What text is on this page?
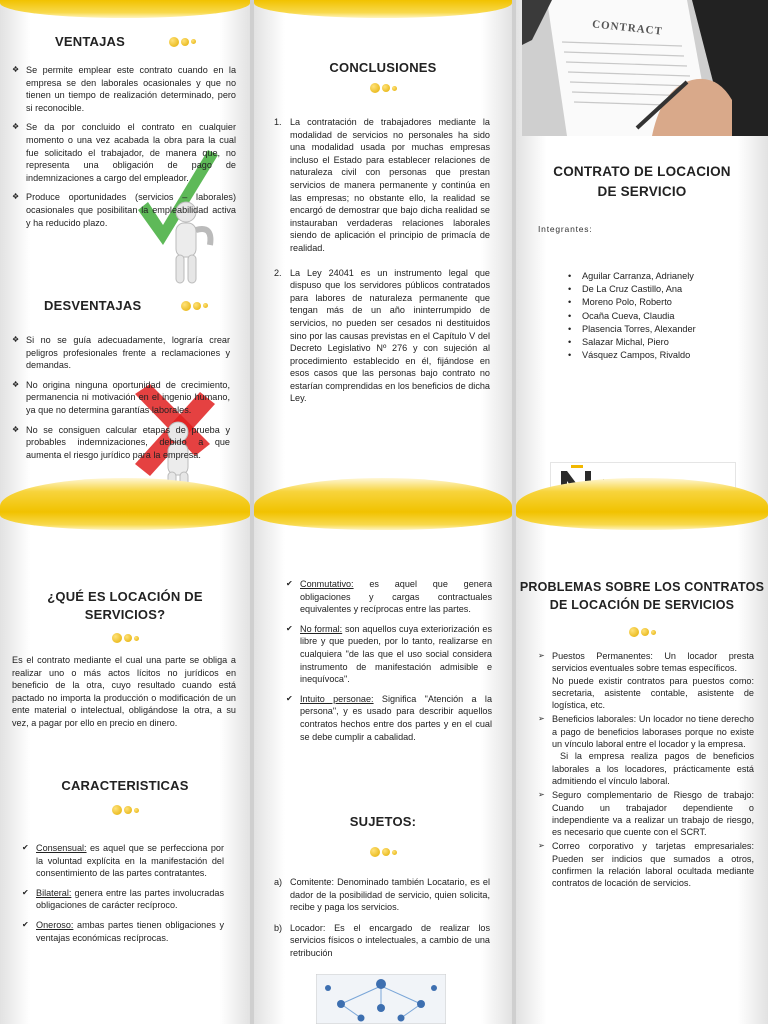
VENTAJAS
❖ Se permite emplear este contrato cuando en la empresa se den laborales ocasionales y que no tienen un tiempo de realización determinado, pero si reconocible.
❖ Se da por concluido el contrato en cualquier momento o una vez acabada la obra para la cual fue solicitado el trabajador, de manera que, no representa una obligación de pago de indemnizaciones a cargo del empleador.
❖ Produce oportunidades (servicios – laborales) ocasionales que posibilitan la empleabilidad activa y ha reducido plazo.
DESVENTAJAS
❖ Si no se guía adecuadamente, lograría crear peligros profesionales frente a reclamaciones y demandas.
❖ No origina ninguna oportunidad de crecimiento, permanencia ni motivación en el ingenio humano, ya que no determina garantías laborales.
❖ No se consiguen calcular etapas de prueba y probables indemnizaciones, debido a que aumenta el riesgo jurídico para la empresa.
CONCLUSIONES
1. La contratación de trabajadores mediante la modalidad de servicios no personales ha sido una modalidad usada por muchas empresas incluso el Estado para establecer relaciones de naturaleza civil con personas que prestan servicios de manera permanente y continúa en las empresas; no obstante ello, la realidad se encargó de demostrar que bajo dicha realidad se instauraban verdaderas relaciones laborales siendo de aplicación el principio de primacía de realidad.
2. La Ley 24041 es un instrumento legal que dispuso que los servidores públicos contratados para labores de naturaleza permanente que tengan más de un año ininterrumpido de servicios, no pueden ser cesados ni destituidos sino por las causas previstas en el Capítulo V del Decreto Legislativo Nº 276 y con sujeción al procedimiento establecido en él, fijándose en esos casos que las personas bajo contrato no estarían comprendidas en los beneficios de dicha Ley.
CONTRACT
CONTRATO DE LOCACION
DE SERVICIO
Integrantes:
• Aguilar Carranza, Adrianely
• De La Cruz Castillo, Ana
• Moreno Polo, Roberto
• Ocaña Cueva, Claudia
• Plasencia Torres, Alexander
• Salazar Michal, Piero
• Vásquez Campos, Rivaldo
¿QUÉ ES LOCACIÓN DE
SERVICIOS?
Es el contrato mediante el cual una parte se obliga a realizar uno o más actos lícitos no jurídicos en beneficio de la otra, cuyo resultado cuando está pactado no importa la producción o modificación de un ente material o intelectual, obligándose la otra, a su vez, a pagar por ello en precio en dinero.
CARACTERISTICAS
✔ Consensual: es aquel que se perfecciona por la voluntad explícita en la manifestación del consentimiento de las partes contratantes.
✔ Bilateral: genera entre las partes involucradas obligaciones de carácter recíproco.
✔ Oneroso: ambas partes tienen obligaciones y ventajas económicas recíprocas.
✔ Conmutativo: es aquel que genera obligaciones y cargas contractuales equivalentes y recíprocas entre las partes.
✔ No formal: son aquellos cuya exteriorización es libre y que pueden, por lo tanto, realizarse en cualquiera "de las que el uso social considera instrumento de manifestación admisible e inequívoca".
✔ Intuito personae: Significa "Atención a la persona", y es usado para describir aquellos contratos hechos entre dos partes y en el cual se debe cumplir a cabalidad.
SUJETOS:
a) Comitente: Denominado también Locatario, es el dador de la posibilidad de servicio, quien solicita, recibe y paga los servicios.
b) Locador: Es el encargado de realizar los servicios físicos o intelectuales, a cambio de una retribución
PROBLEMAS SOBRE LOS CONTRATOS
DE LOCACIÓN DE SERVICIOS
➢ Puestos Permanentes: Un locador presta servicios eventuales sobre temas específicos.
No puede existir contratos para puestos como: secretaria, asistente contable, asistente de logística, etc.
➢ Beneficios laborales: Un locador no tiene derecho a pago de beneficios laborases porque no existe un vínculo laboral entre el locador y la empresa.
Si la empresa realiza pagos de beneficios laborales a los locadores, prácticamente está admitiendo el vínculo laboral.
➢ Seguro complementario de Riesgo de trabajo: Cuando un trabajador dependiente o independiente va a realizar un trabajo de riesgo, es necesario que cuente con el SCRT.
➢ Correo corporativo y tarjetas empresariales: Pueden ser indicios que sumados a otros, confirmen la relación laboral ocultada mediante contratos de locación de servicios.
